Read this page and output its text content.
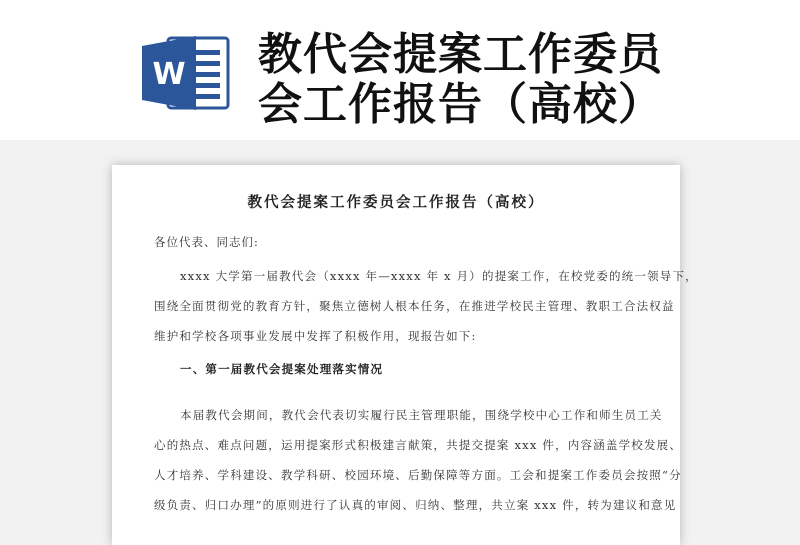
W 教代会提案工作委员
会工作报告（高校）
教代会提案工作委员会工作报告（高校）
各位代表、同志们:
xxxx 大学第一届教代会（xxxx 年—xxxx 年 x 月）的提案工作，在校党委的统一领导下，
围绕全面贯彻党的教育方针，聚焦立德树人根本任务，在推进学校民主管理、教职工合法权益
维护和学校各项事业发展中发挥了积极作用，现报告如下:
一、第一届教代会提案处理落实情况
本届教代会期间，教代会代表切实履行民主管理职能，围绕学校中心工作和师生员工关
心的热点、难点问题，运用提案形式积极建言献策，共提交提案 xxx 件，内容涵盖学校发展、
人才培养、学科建设、教学科研、校园环境、后勤保障等方面。工会和提案工作委员会按照“分
级负责、归口办理”的原则进行了认真的审阅、归纳、整理，共立案 xxx 件，转为建议和意见
